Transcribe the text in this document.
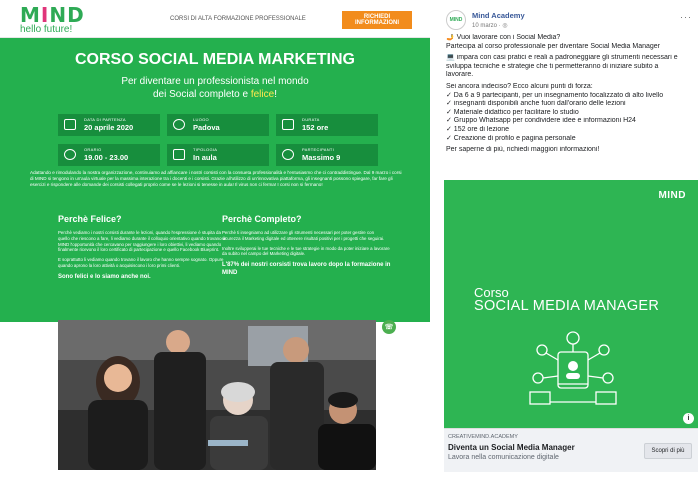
MIND
hello future!
CORSI DI ALTA FORMAZIONE PROFESSIONALE	RICHIEDI INFORMAZIONI
CORSO SOCIAL MEDIA MARKETING
Per diventare un professionista nel mondo dei Social completo e felice!
DATA DI PARTENZA
20 aprile 2020
LUOGO
Padova
DURATA
152 ore
ORARIO
19.00 - 23.00
TIPOLOGIA
In aula
PARTECIPANTI
Massimo 9
Adattando e rimodulando la nostra organizzazione, continuiamo ad affiancare i nostri corsisti con la consueta professionalità e l'entusiasmo che ci contraddistingue. Dal 9 marzo i corsi di MIND si tengono in un'aula virtuale per la massima interazione tra i docenti e i corsisti. Grazie all'utilizzo di un'innovativa piattaforma, gli insegnanti possono spiegare, far fare gli esercizi e rispondere alle domande dei corsisti collegati proprio come se le lezioni si tenesse in aula! Il virus non ci ferma! I corsi non si fermano!
Perchè Felice?

Perchè vediamo i nostri corsisti durante le lezioni, quando l'espressione è stupita da quello che riescono a fare, li vediamo durante il colloquio orientativo quando trovano in MIND l'opportunità che cercavano per raggiungere i loro obiettivi, li vediamo quando finalmente ricevono il loro certificato di partecipazione e quello Facebook Blueprint.

E soprattutto li vediamo quando trovano il lavoro che hanno sempre sognato. Oppure quando aprono la loro attività o acquisiscono i loro primi clienti.

Sono felici e lo siamo anche noi.

Perchè Completo?

Perchè ti insegniamo ad utilizzare gli strumenti necessari per poter gestire con sicurezza il Marketing digitale ed ottenere risultati positivi per i progetti che seguirai.

Inoltre svilupperai le tue tecniche e le tue strategie in modo da poter iniziare a lavorare da subito nel campo del Marketing digitale.

L'87% dei nostri corsisti trova lavoro dopo la formazione in MIND

☏
MIND	Mind Academy
10 marzo · ◎
···
🤳 Vuoi lavorare con i Social Media?
Partecipa al corso professionale per diventare Social Media Manager
💻 impara con casi pratici e reali a padroneggiare gli strumenti necessari e
sviluppa tecniche e strategie che ti permetteranno di iniziare subito a
lavorare.
Sei ancora indeciso? Ecco alcuni punti di forza:
✓ Da 6 a 9 partecipanti, per un insegnamento focalizzato di alto livello
✓ insegnanti disponibili anche fuori dall'orario delle lezioni
✓ Materiale didattico per facilitare lo studio
✓ Gruppo Whatsapp per condividere idee e informazioni H24
✓ 152 ore di lezione
✓ Creazione di profilo e pagina personale
Per saperne di più, richiedi maggiori informazioni!
MIND
Corso
SOCIAL MEDIA MANAGER
i
CREATIVEMIND.ACADEMY
Diventa un Social Media Manager
Lavora nella comunicazione digitale
Scopri di più
